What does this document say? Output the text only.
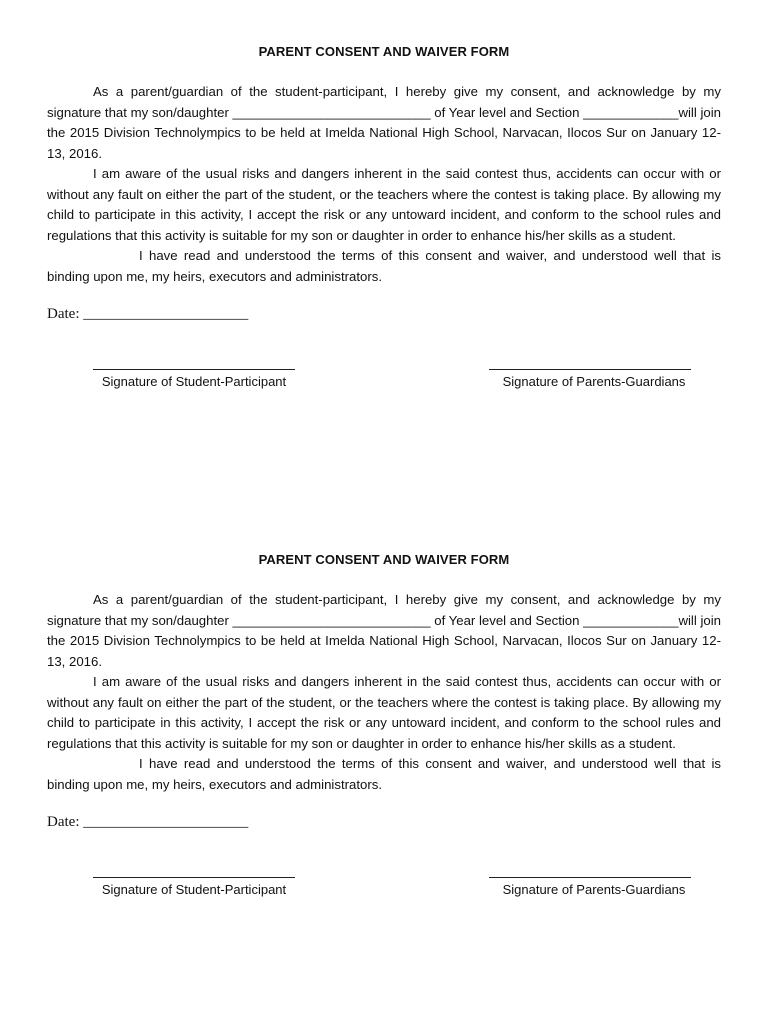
PARENT CONSENT AND WAIVER FORM

As a parent/guardian of the student-participant, I hereby give my consent, and acknowledge by my signature that my son/daughter ___________________________ of Year level and Section _____________will join the 2015 Division Technolympics to be held at Imelda National High School, Narvacan, Ilocos Sur on January 12-13, 2016.

I am aware of the usual risks and dangers inherent in the said contest thus, accidents can occur with or without any fault on either the part of the student, or the teachers where the contest is taking place. By allowing my child to participate in this activity, I accept the risk or any untoward incident, and conform to the school rules and regulations that this activity is suitable for my son or daughter in order to enhance his/her skills as a student.

I have read and understood the terms of this consent and waiver, and understood well that is binding upon me, my heirs, executors and administrators.

Date: ______________________
Signature of Student-Participant	Signature of Parents-Guardians
PARENT CONSENT AND WAIVER FORM

As a parent/guardian of the student-participant, I hereby give my consent, and acknowledge by my signature that my son/daughter ___________________________ of Year level and Section _____________will join the 2015 Division Technolympics to be held at Imelda National High School, Narvacan, Ilocos Sur on January 12-13, 2016.

I am aware of the usual risks and dangers inherent in the said contest thus, accidents can occur with or without any fault on either the part of the student, or the teachers where the contest is taking place. By allowing my child to participate in this activity, I accept the risk or any untoward incident, and conform to the school rules and regulations that this activity is suitable for my son or daughter in order to enhance his/her skills as a student.

I have read and understood the terms of this consent and waiver, and understood well that is binding upon me, my heirs, executors and administrators.

Date: ______________________
Signature of Student-Participant	Signature of Parents-Guardians
